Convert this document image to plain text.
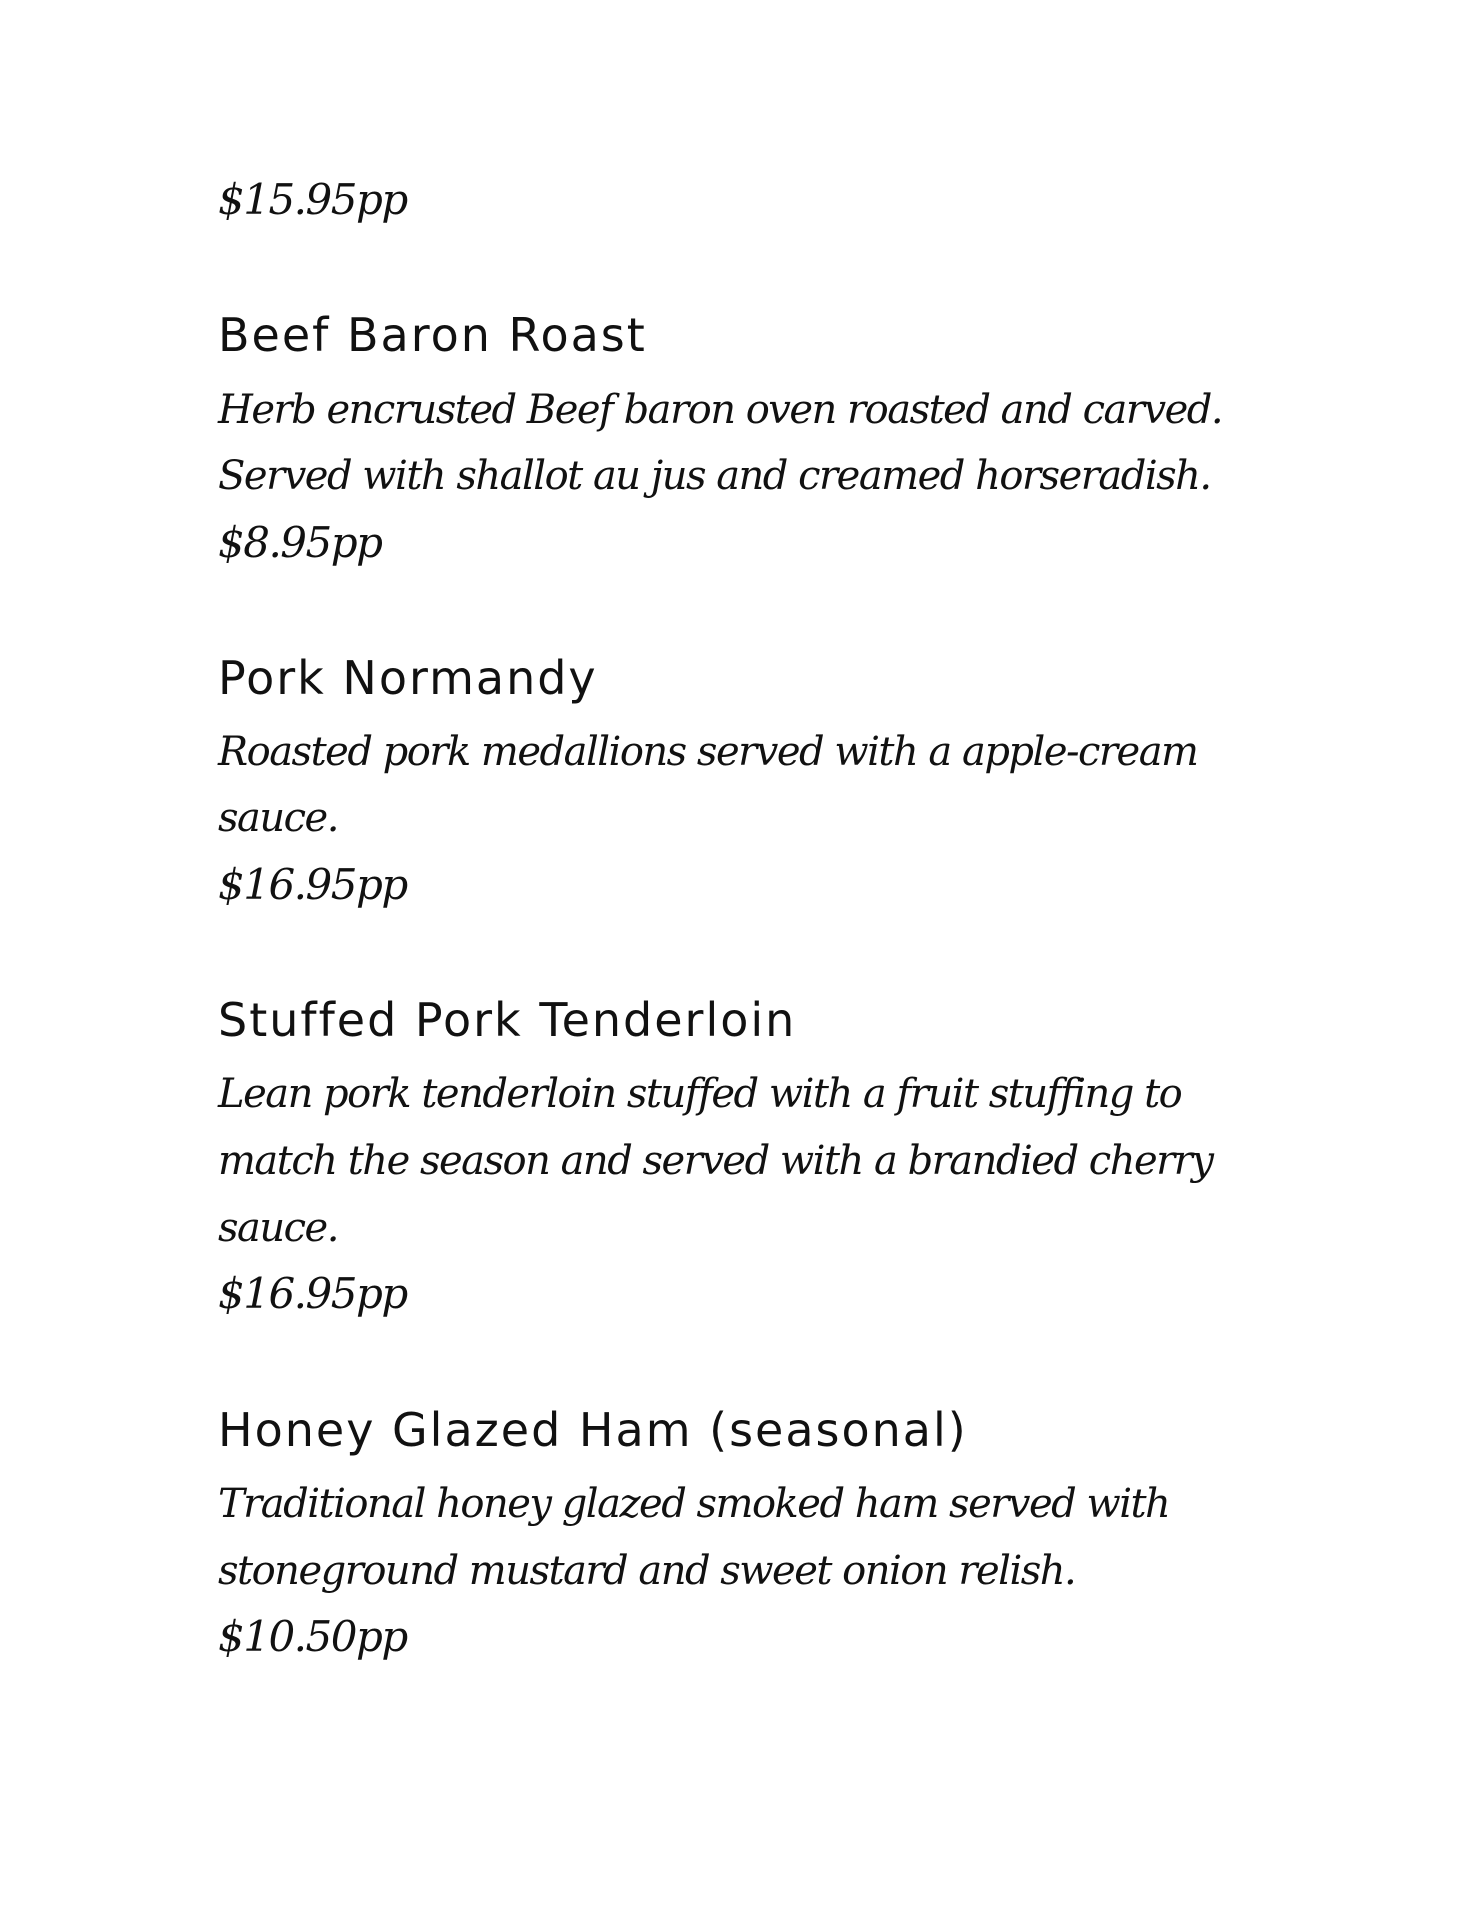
$15.95pp
Beef Baron Roast
Herb encrusted Beef baron oven roasted and carved.
Served with shallot au jus and creamed horseradish.
$8.95pp
Pork Normandy
Roasted pork medallions served with a apple-cream
sauce.
$16.95pp
Stuffed Pork Tenderloin
Lean pork tenderloin stuffed with a fruit stuffing to
match the season and served with a brandied cherry
sauce.
$16.95pp
Honey Glazed Ham (seasonal)
Traditional honey glazed smoked ham served with
stoneground mustard and sweet onion relish.
$10.50pp
